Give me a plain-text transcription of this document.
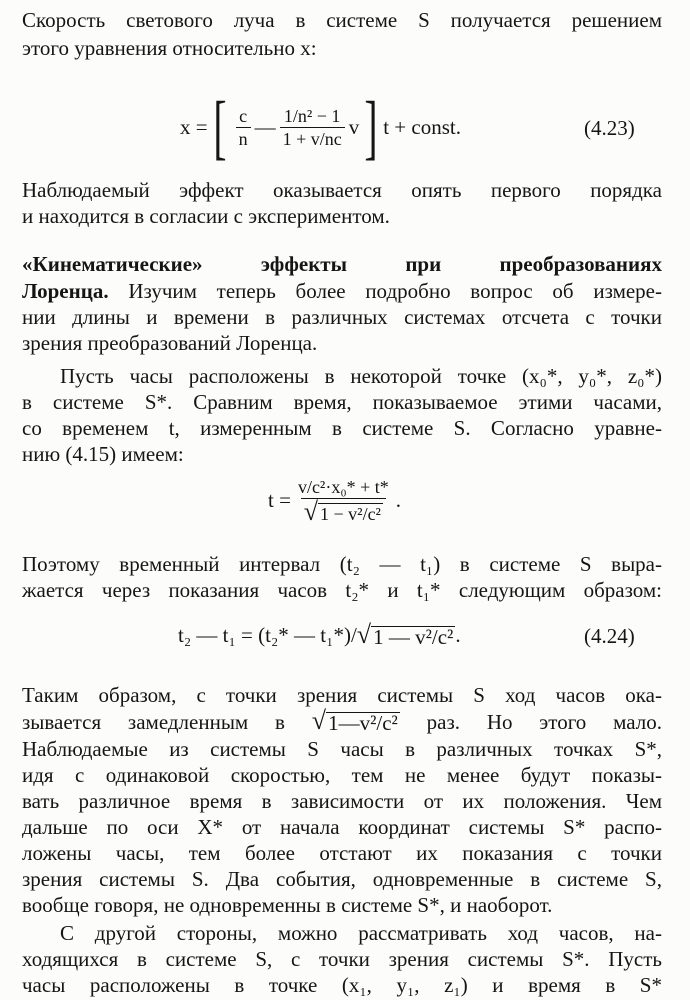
Скорость светового луча в системе S получается решением
этого уравнения относительно x:
x = [ $\frac{c}{n}$ — $\frac{\text{1/n² − 1}}{1 + v/nc}$ v ] t + const.	(4.23)
Наблюдаемый эффект оказывается опять первого порядка
и находится в согласии с экспериментом.
«Кинематические» эффекты при преобразованиях
Лоренца. Изучим теперь более подробно вопрос об измере-
нии длины и времени в различных системах отсчета с точки
зрения преобразований Лоренца.
Пусть часы расположены в некоторой точке (x₀*, y₀*, z₀*)
в системе S*. Сравним время, показываемое этими часами,
со временем t, измеренным в системе S. Согласно уравне-
нию (4.15) имеем:
$t = \frac{\text{v/c²·x₀* + t*}}{\text{√ 1 − v²/c²}}$ .
Поэтому временный интервал (t₂ — t₁) в системе S выра-
жается через показания часов t₂* и t₁* следующим образом:
t₂ — t₁ = (t₂* — t₁*)/ √ 1 — v²/c² .	(4.24)
Таким образом, с точки зрения системы S ход часов ока-
зывается замедленным в √ 1—v²/c² раз. Но этого мало.
Наблюдаемые из системы S часы в различных точках S*,
идя с одинаковой скоростью, тем не менее будут показы-
вать различное время в зависимости от их положения. Чем
дальше по оси X* от начала координат системы S* распо-
ложены часы, тем более отстают их показания с точки
зрения системы S. Два события, одновременные в системе S,
вообще говоря, не одновременны в системе S*, и наоборот.
С другой стороны, можно рассматривать ход часов, на-
ходящихся в системе S, с точки зрения системы S*. Пусть
часы расположены в точке (x₁, y₁, z₁) и время в S*
